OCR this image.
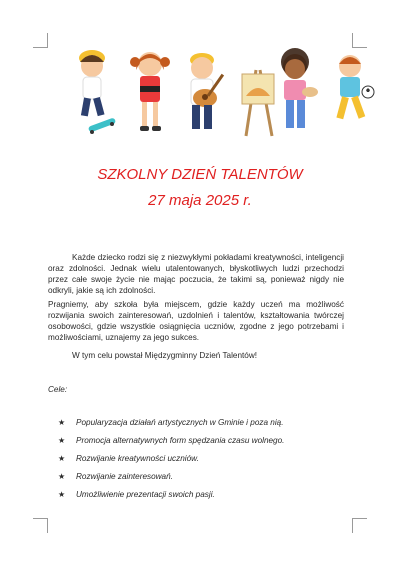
SZKOLNY DZIEŃ TALENTÓW
27 maja 2025 r.
Każde dziecko rodzi się z niezwykłymi pokładami kreatywności, inteligencji oraz zdolności. Jednak wielu utalentowanych, błyskotliwych ludzi przechodzi przez całe swoje życie nie mając poczucia, że takimi są, ponieważ nigdy nie odkryli, jakie są ich zdolności.
Pragniemy, aby szkoła była miejscem, gdzie każdy uczeń ma możliwość rozwijania swoich zainteresowań, uzdolnień i talentów, kształtowania twórczej osobowości, gdzie wszystkie osiągnięcia uczniów, zgodne z jego potrzebami i możliwościami, uznajemy za jego sukces.
W tym celu powstał Międzygminny Dzień Talentów!
Cele:
★ Popularyzacja działań artystycznych w Gminie i poza nią.
★ Promocja alternatywnych form spędzania czasu wolnego.
★ Rozwijanie kreatywności uczniów.
★ Rozwijanie zainteresowań.
★ Umożliwienie prezentacji swoich pasji.
